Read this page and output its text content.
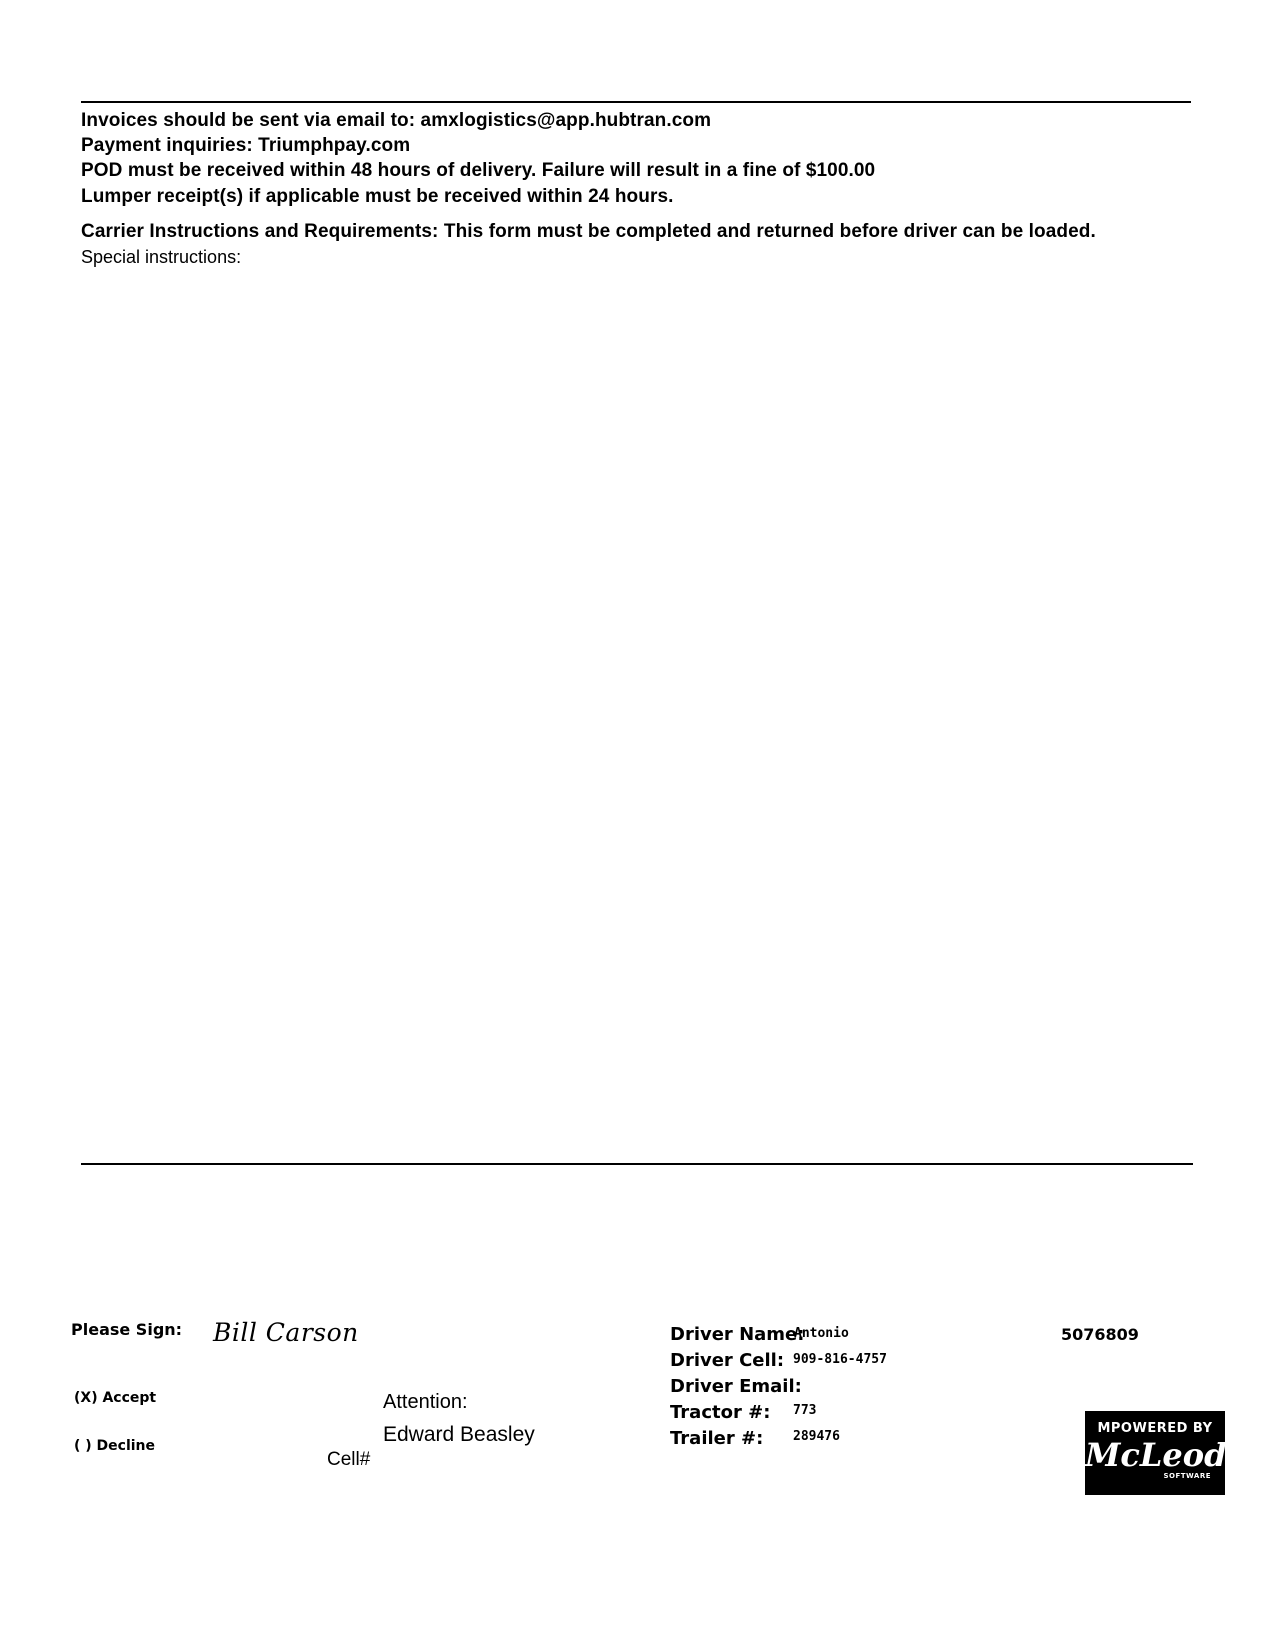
Invoices should be sent via email to: amxlogistics@app.hubtran.com
Payment inquiries: Triumphpay.com
POD must be received within 48 hours of delivery. Failure will result in a fine of $100.00
Lumper receipt(s) if applicable must be received within 24 hours.
Carrier Instructions and Requirements: This form must be completed and returned before driver can be loaded.
Special instructions:
Please Sign: Bill Carson
(X) Accept
( ) Decline
Attention:
Edward Beasley
Cell#
Driver Name:
Antonio
Driver Cell: 909-816-4757
Driver Email:
Tractor #: 773
Trailer #: 289476
5076809
MPOWERED BY
McLeod
SOFTWARE
